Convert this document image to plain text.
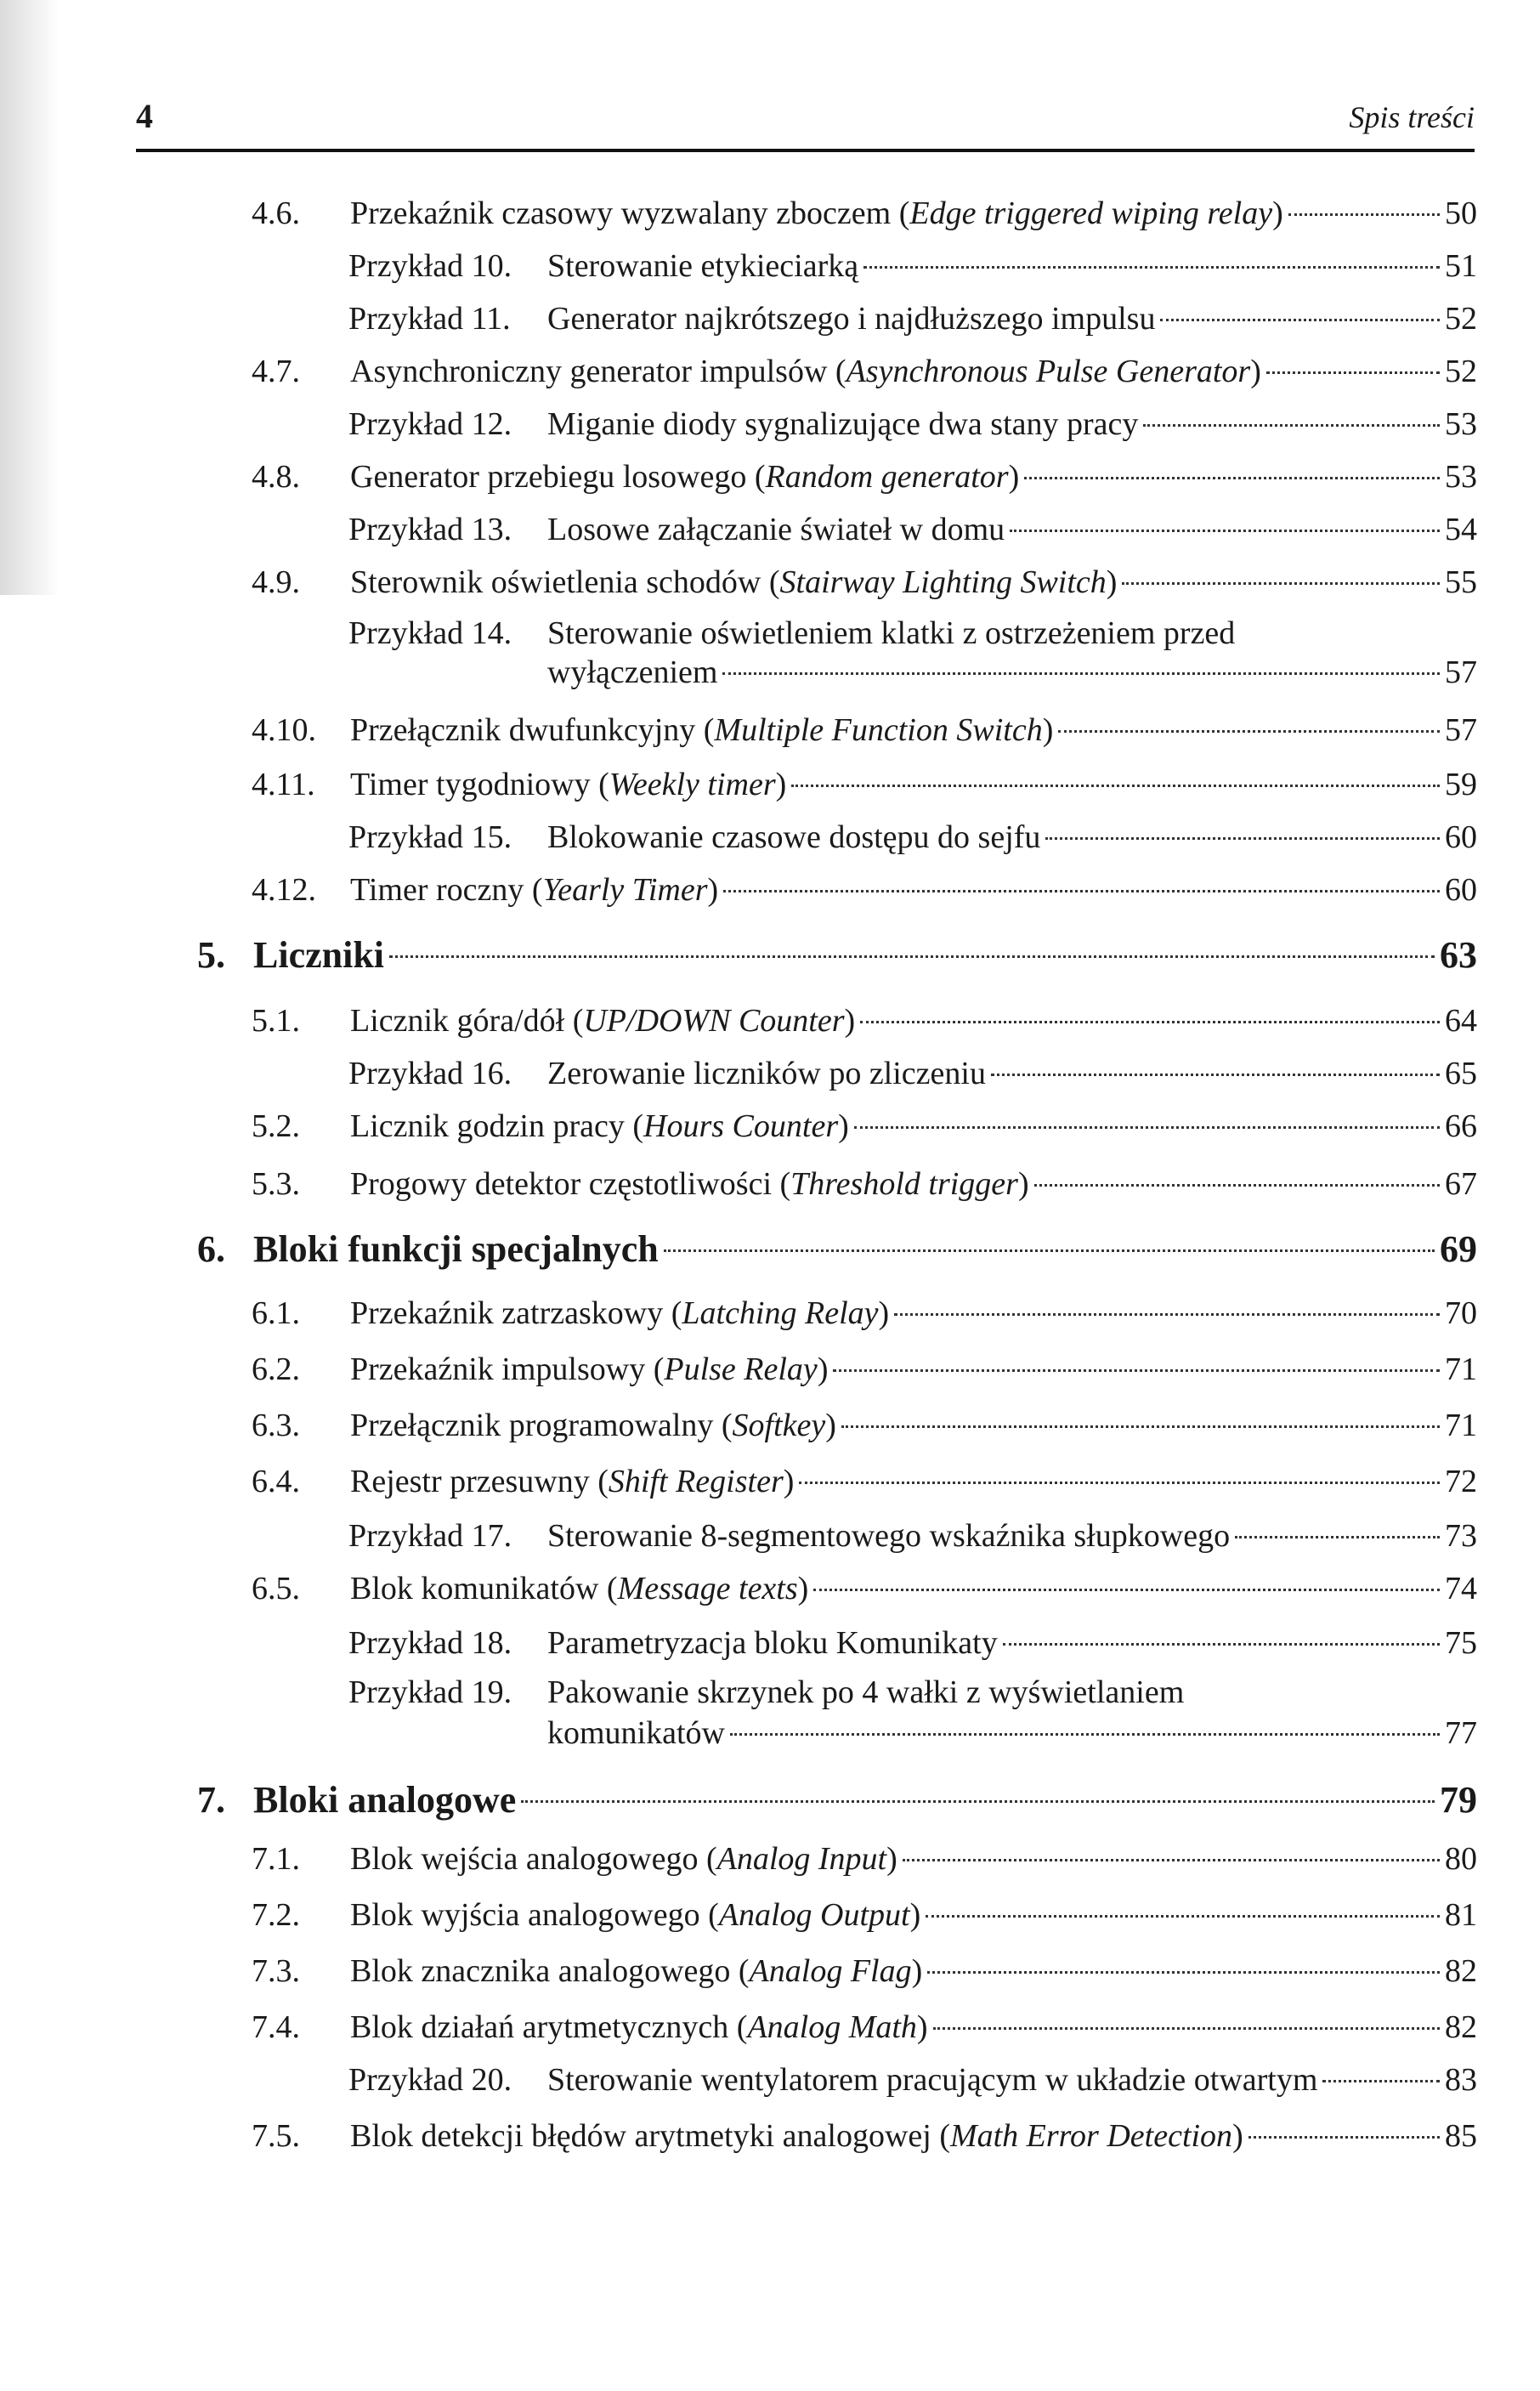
4	Spis treści
4.6. Przekaźnik czasowy wyzwalany zboczem (Edge triggered wiping relay)	50
Przykład 10. Sterowanie etykieciarką	51
Przykład 11. Generator najkrótszego i najdłuższego impulsu	52
4.7. Asynchroniczny generator impulsów (Asynchronous Pulse Generator)	52
Przykład 12. Miganie diody sygnalizujące dwa stany pracy	53
4.8. Generator przebiegu losowego (Random generator)	53
Przykład 13. Losowe załączanie świateł w domu	54
4.9. Sterownik oświetlenia schodów (Stairway Lighting Switch)	55
Przykład 14. Sterowanie oświetleniem klatki z ostrzeżeniem przed
wyłączeniem	57
4.10. Przełącznik dwufunkcyjny (Multiple Function Switch)	57
4.11. Timer tygodniowy (Weekly timer)	59
Przykład 15. Blokowanie czasowe dostępu do sejfu	60
4.12. Timer roczny (Yearly Timer)	60
5. Liczniki	63
5.1. Licznik góra/dół (UP/DOWN Counter)	64
Przykład 16. Zerowanie liczników po zliczeniu	65
5.2. Licznik godzin pracy (Hours Counter)	66
5.3. Progowy detektor częstotliwości (Threshold trigger)	67
6. Bloki funkcji specjalnych	69
6.1. Przekaźnik zatrzaskowy (Latching Relay)	70
6.2. Przekaźnik impulsowy (Pulse Relay)	71
6.3. Przełącznik programowalny (Softkey)	71
6.4. Rejestr przesuwny (Shift Register)	72
Przykład 17. Sterowanie 8-segmentowego wskaźnika słupkowego	73
6.5. Blok komunikatów (Message texts)	74
Przykład 18. Parametryzacja bloku Komunikaty	75
Przykład 19. Pakowanie skrzynek po 4 wałki z wyświetlaniem
komunikatów	77
7. Bloki analogowe	79
7.1. Blok wejścia analogowego (Analog Input)	80
7.2. Blok wyjścia analogowego (Analog Output)	81
7.3. Blok znacznika analogowego (Analog Flag)	82
7.4. Blok działań arytmetycznych (Analog Math)	82
Przykład 20. Sterowanie wentylatorem pracującym w układzie otwartym	83
7.5. Blok detekcji błędów arytmetyki analogowej (Math Error Detection)	85
